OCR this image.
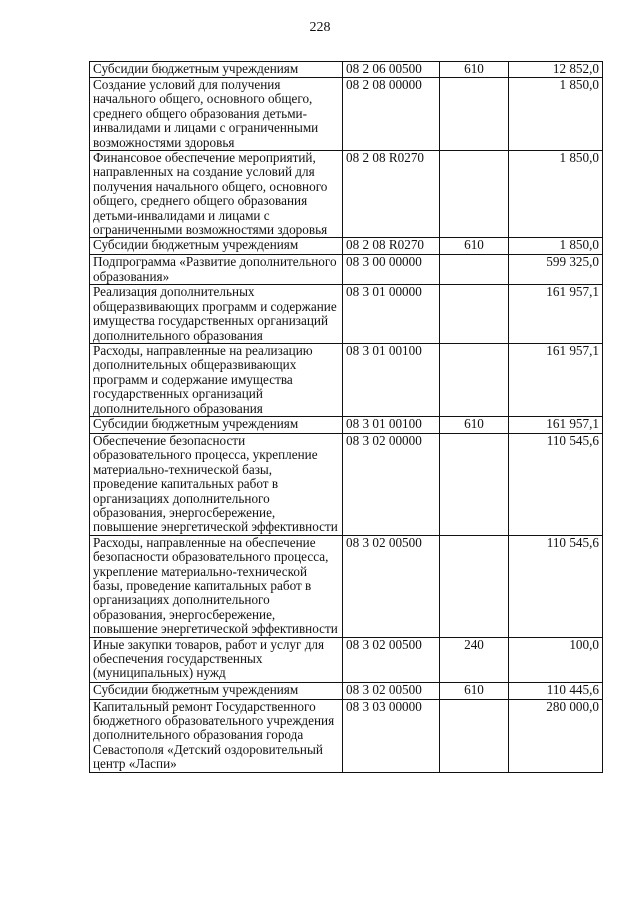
228
Субсидии бюджетным учреждениям	08 2 06 00500	610	12 852,0
Создание условий для получения начального общего, основного общего, среднего общего образования детьми-инвалидами и лицами с ограниченными возможностями здоровья	08 2 08 00000		1 850,0
Финансовое обеспечение мероприятий, направленных на создание условий для получения начального общего, основного общего, среднего общего образования детьми-инвалидами и лицами с ограниченными возможностями здоровья	08 2 08 R0270		1 850,0
Субсидии бюджетным учреждениям	08 2 08 R0270	610	1 850,0
Подпрограмма «Развитие дополнительного образования»	08 3 00 00000		599 325,0
Реализация дополнительных общеразвивающих программ и содержание имущества государственных организаций дополнительного образования	08 3 01 00000		161 957,1
Расходы, направленные на реализацию дополнительных общеразвивающих программ и содержание имущества государственных организаций дополнительного образования	08 3 01 00100		161 957,1
Субсидии бюджетным учреждениям	08 3 01 00100	610	161 957,1
Обеспечение безопасности образовательного процесса, укрепление материально-технической базы, проведение капитальных работ в организациях дополнительного образования, энергосбережение, повышение энергетической эффективности	08 3 02 00000		110 545,6
Расходы, направленные на обеспечение безопасности образовательного процесса, укрепление материально-технической базы, проведение капитальных работ в организациях дополнительного образования, энергосбережение, повышение энергетической эффективности	08 3 02 00500		110 545,6
Иные закупки товаров, работ и услуг для обеспечения государственных (муниципальных) нужд	08 3 02 00500	240	100,0
Субсидии бюджетным учреждениям	08 3 02 00500	610	110 445,6
Капитальный ремонт Государственного бюджетного образовательного учреждения дополнительного образования города Севастополя «Детский оздоровительный центр «Ласпи»	08 3 03 00000		280 000,0
